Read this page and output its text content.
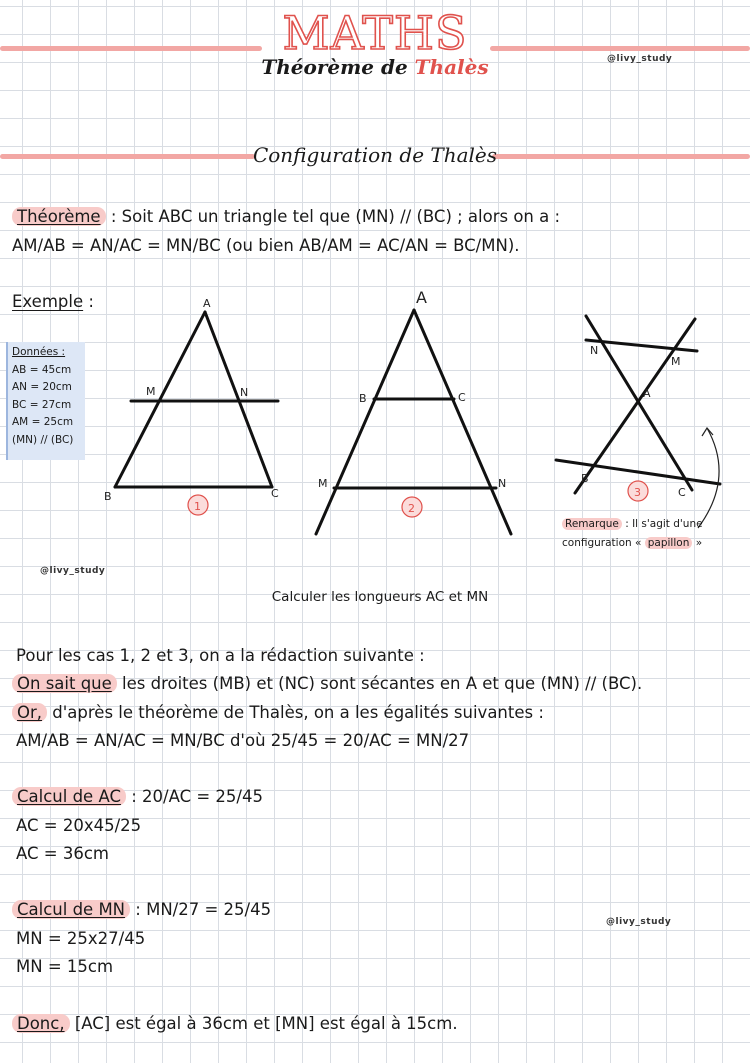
MATHS
Théorème de Thalès	@livy_study
Configuration de Thalès
Théorème : Soit ABC un triangle tel que (MN) // (BC) ; alors on a :
AM/AB = AN/AC = MN/BC (ou bien AB/AM = AC/AN = BC/MN).
Exemple :
Données :
AB = 45cm
AN = 20cm
BC = 27cm
AM = 25cm
(MN) // (BC)
A
B	C
M	N
1
A
B	C
M	N
2
A
B
C
M
N
3
Remarque : Il s'agit d'une
configuration « papillon »
@livy_study
Calculer les longueurs AC et MN
Pour les cas 1, 2 et 3, on a la rédaction suivante :
On sait que les droites (MB) et (NC) sont sécantes en A et que (MN) // (BC).
Or, d'après le théorème de Thalès, on a les égalités suivantes :
AM/AB = AN/AC = MN/BC d'où 25/45 = 20/AC = MN/27
Calcul de AC : 20/AC = 25/45
AC = 20x45/25
AC = 36cm
Calcul de MN : MN/27 = 25/45
MN = 25x27/45
MN = 15cm
@livy_study
Donc, [AC] est égal à 36cm et [MN] est égal à 15cm.
